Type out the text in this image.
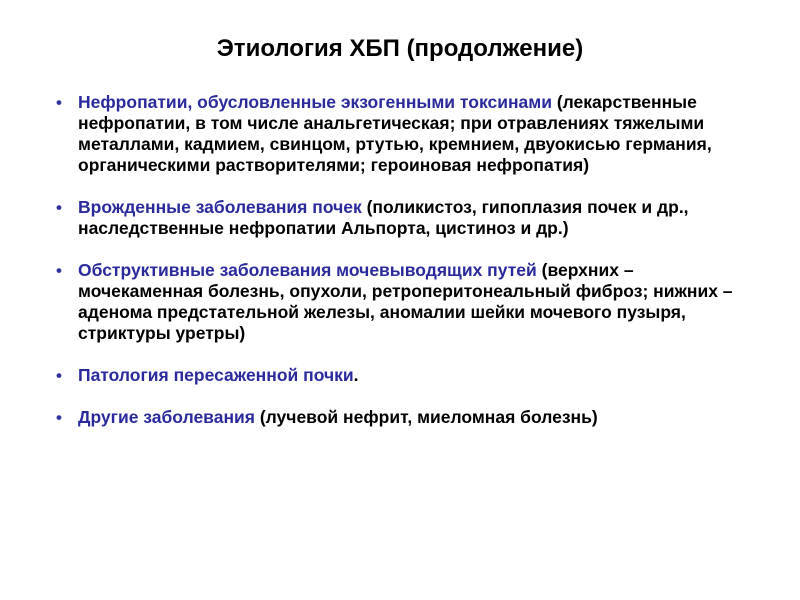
Этиология ХБП (продолжение)
• Нефропатии, обусловленные экзогенными токсинами (лекарственные нефропатии, в том числе анальгетическая; при отравлениях тяжелыми металлами, кадмием, свинцом, ртутью, кремнием, двуокисью германия, органическими растворителями; героиновая нефропатия)
• Врожденные заболевания почек (поликистоз, гипоплазия почек и др., наследственные нефропатии Альпорта, цистиноз и др.)
• Обструктивные заболевания мочевыводящих путей (верхних – мочекаменная болезнь, опухоли, ретроперитонеальный фиброз; нижних – аденома предстательной железы, аномалии шейки мочевого пузыря, стриктуры уретры)
• Патология пересаженной почки.
• Другие заболевания (лучевой нефрит, миеломная болезнь)
